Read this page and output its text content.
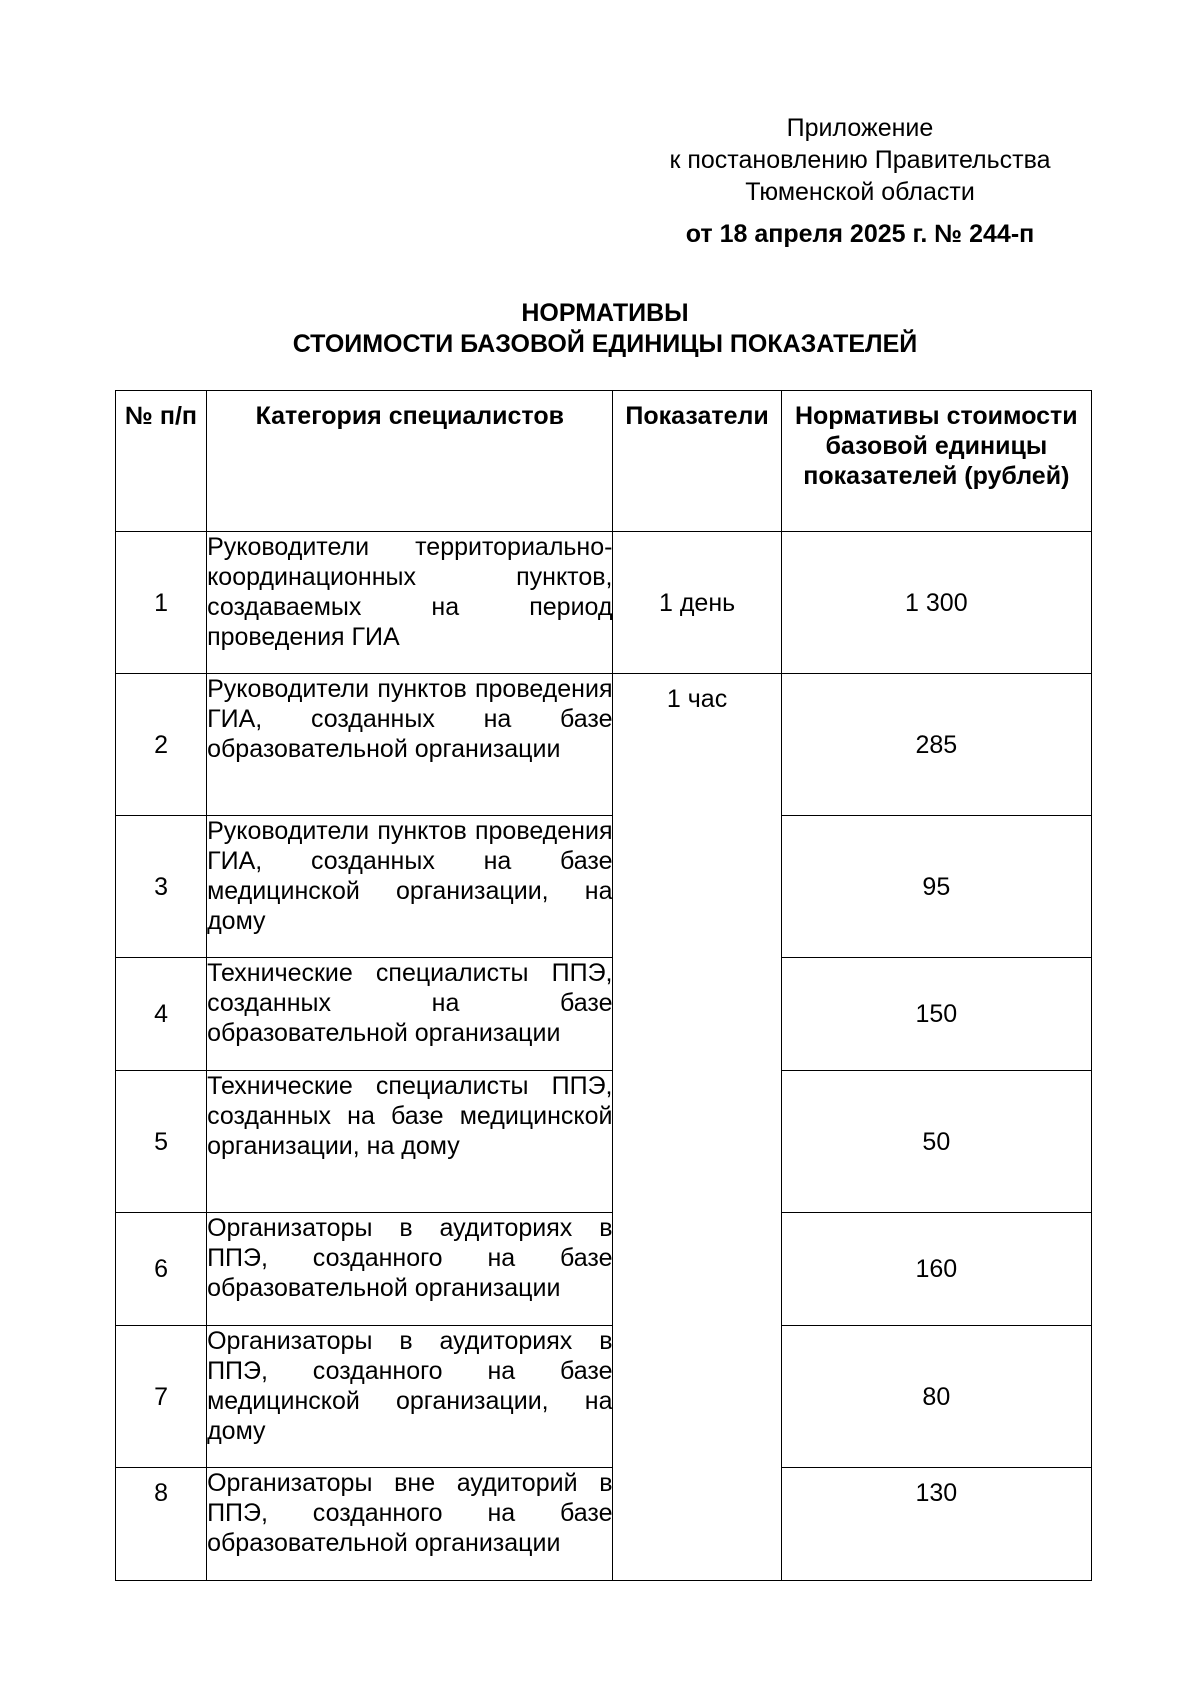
Приложение
к постановлению Правительства
Тюменской области
от 18 апреля 2025 г. № 244-п
НОРМАТИВЫ
СТОИМОСТИ БАЗОВОЙ ЕДИНИЦЫ ПОКАЗАТЕЛЕЙ
№ п/п	Категория специалистов	Показатели	Нормативы стоимости базовой единицы показателей (рублей)
1	Руководители территориально-координационных пунктов, создаваемых на период проведения ГИА	1 день	1 300
2	Руководители пунктов проведения ГИА, созданных на базе образовательной организации	1 час	285
3	Руководители пунктов проведения ГИА, созданных на базе медицинской организации, на дому		95
4	Технические специалисты ППЭ, созданных на базе образовательной организации		150
5	Технические специалисты ППЭ, созданных на базе медицинской организации, на дому		50
6	Организаторы в аудиториях в ППЭ, созданного на базе образовательной организации		160
7	Организаторы в аудиториях в ППЭ, созданного на базе медицинской организации, на дому		80
8	Организаторы вне аудиторий в ППЭ, созданного на базе образовательной организации		130
